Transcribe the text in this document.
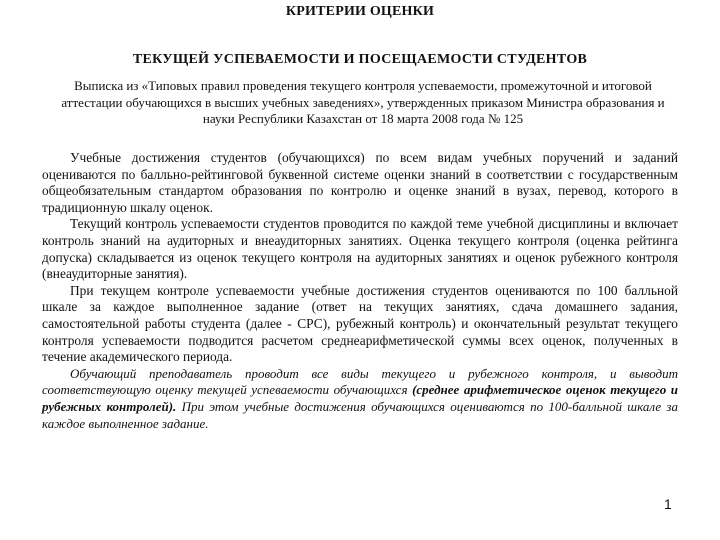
КРИТЕРИИ ОЦЕНКИ
ТЕКУЩЕЙ УСПЕВАЕМОСТИ И ПОСЕЩАЕМОСТИ СТУДЕНТОВ
Выписка из «Типовых правил проведения текущего контроля успеваемости, промежуточной и итоговой аттестации обучающихся в высших учебных заведениях», утвержденных приказом Министра образования и науки Республики Казахстан от 18 марта 2008 года № 125

Учебные достижения студентов (обучающихся) по всем видам учебных поручений и заданий оцениваются по балльно-рейтинговой буквенной системе оценки знаний в соответствии с государственным общеобязательным стандартом образования по контролю и оценке знаний в вузах, перевод, которого в традиционную шкалу оценок.

Текущий контроль успеваемости студентов проводится по каждой теме учебной дисциплины и включает контроль знаний на аудиторных и внеаудиторных занятиях. Оценка текущего контроля (оценка рейтинга допуска) складывается из оценок текущего контроля на аудиторных занятиях и оценок рубежного контроля (внеаудиторные занятия).

При текущем контроле успеваемости учебные достижения студентов оцениваются по 100 балльной шкале за каждое выполненное задание (ответ на текущих занятиях, сдача домашнего задания, самостоятельной работы студента (далее - СРС), рубежный контроль) и окончательный результат текущего контроля успеваемости подводится расчетом среднеарифметической суммы всех оценок, полученных в течение академического периода.

Обучающий преподаватель проводит все виды текущего и рубежного контроля, и выводит соответствующую оценку текущей успеваемости обучающихся (среднее арифметическое оценок текущего и рубежных контролей). При этом учебные достижения обучающихся оцениваются по 100-балльной шкале за каждое выполненное задание.

1
